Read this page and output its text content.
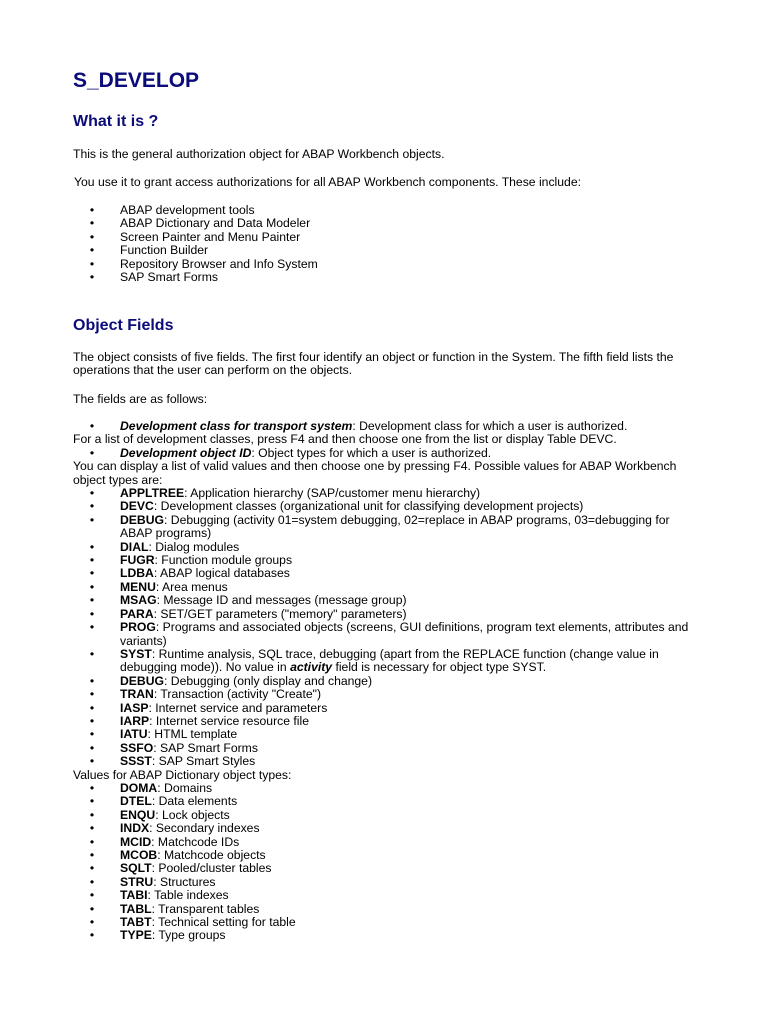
S_DEVELOP
What it is ?

This is the general authorization object for ABAP Workbench objects.

You use it to grant access authorizations for all ABAP Workbench components. These include:

•
ABAP development tools
•
ABAP Dictionary and Data Modeler
•
Screen Painter and Menu Painter
•
Function Builder
•
Repository Browser and Info System
•
SAP Smart Forms
Object Fields

The object consists of five fields. The first four identify an object or function in the System. The fifth field lists the operations that the user can perform on the objects.

The fields are as follows:

•
Development class for transport system: Development class for which a user is authorized.
For a list of development classes, press F4 and then choose one from the list or display Table DEVC.
•
Development object ID: Object types for which a user is authorized.
You can display a list of valid values and then choose one by pressing F4. Possible values for ABAP Workbench object types are:
•
APPLTREE: Application hierarchy (SAP/customer menu hierarchy)
•
DEVC: Development classes (organizational unit for classifying development projects)
•
DEBUG: Debugging (activity 01=system debugging, 02=replace in ABAP programs, 03=debugging for ABAP programs)
•
DIAL: Dialog modules
•
FUGR: Function module groups
•
LDBA: ABAP logical databases
•
MENU: Area menus
•
MSAG: Message ID and messages (message group)
•
PARA: SET/GET parameters ("memory" parameters)
•
PROG: Programs and associated objects (screens, GUI definitions, program text elements, attributes and variants)
•
SYST: Runtime analysis, SQL trace, debugging (apart from the REPLACE function (change value in debugging mode)). No value in activity field is necessary for object type SYST.
•
DEBUG: Debugging (only display and change)
•
TRAN: Transaction (activity "Create")
•
IASP: Internet service and parameters
•
IARP: Internet service resource file
•
IATU: HTML template
•
SSFO: SAP Smart Forms
•
SSST: SAP Smart Styles
Values for ABAP Dictionary object types:
•
DOMA: Domains
•
DTEL: Data elements
•
ENQU: Lock objects
•
INDX: Secondary indexes
•
MCID: Matchcode IDs
•
MCOB: Matchcode objects
•
SQLT: Pooled/cluster tables
•
STRU: Structures
•
TABI: Table indexes
•
TABL: Transparent tables
•
TABT: Technical setting for table
•
TYPE: Type groups
